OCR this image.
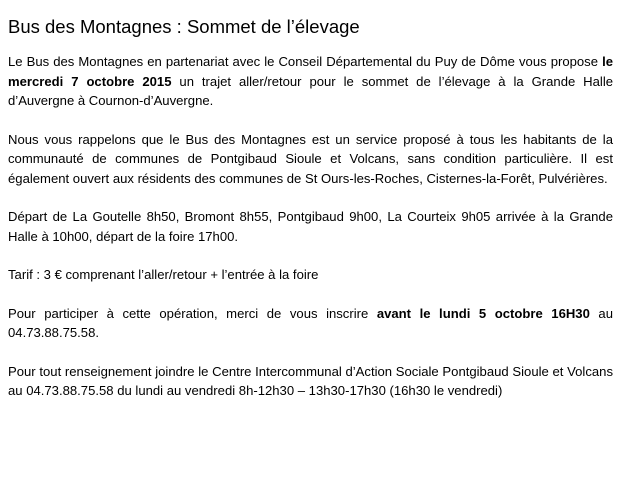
Bus des Montagnes : Sommet de l’élevage

Le Bus des Montagnes en partenariat avec le Conseil Départemental du Puy de Dôme vous propose le mercredi 7 octobre 2015 un trajet aller/retour pour le sommet de l’élevage à la Grande Halle d’Auvergne à Cournon-d’Auvergne.

Nous vous rappelons que le Bus des Montagnes est un service proposé à tous les habitants de la communauté de communes de Pontgibaud Sioule et Volcans, sans condition particulière. Il est également ouvert aux résidents des communes de St Ours-les-Roches, Cisternes-la-Forêt, Pulvérières.

Départ de La Goutelle 8h50, Bromont 8h55, Pontgibaud 9h00, La Courteix 9h05 arrivée à la Grande Halle à 10h00, départ de la foire 17h00.

Tarif : 3 € comprenant l’aller/retour + l’entrée à la foire

Pour participer à cette opération, merci de vous inscrire avant le lundi 5 octobre 16H30 au 04.73.88.75.58.

Pour tout renseignement joindre le Centre Intercommunal d’Action Sociale Pontgibaud Sioule et Volcans au 04.73.88.75.58 du lundi au vendredi 8h-12h30 – 13h30-17h30 (16h30 le vendredi)
